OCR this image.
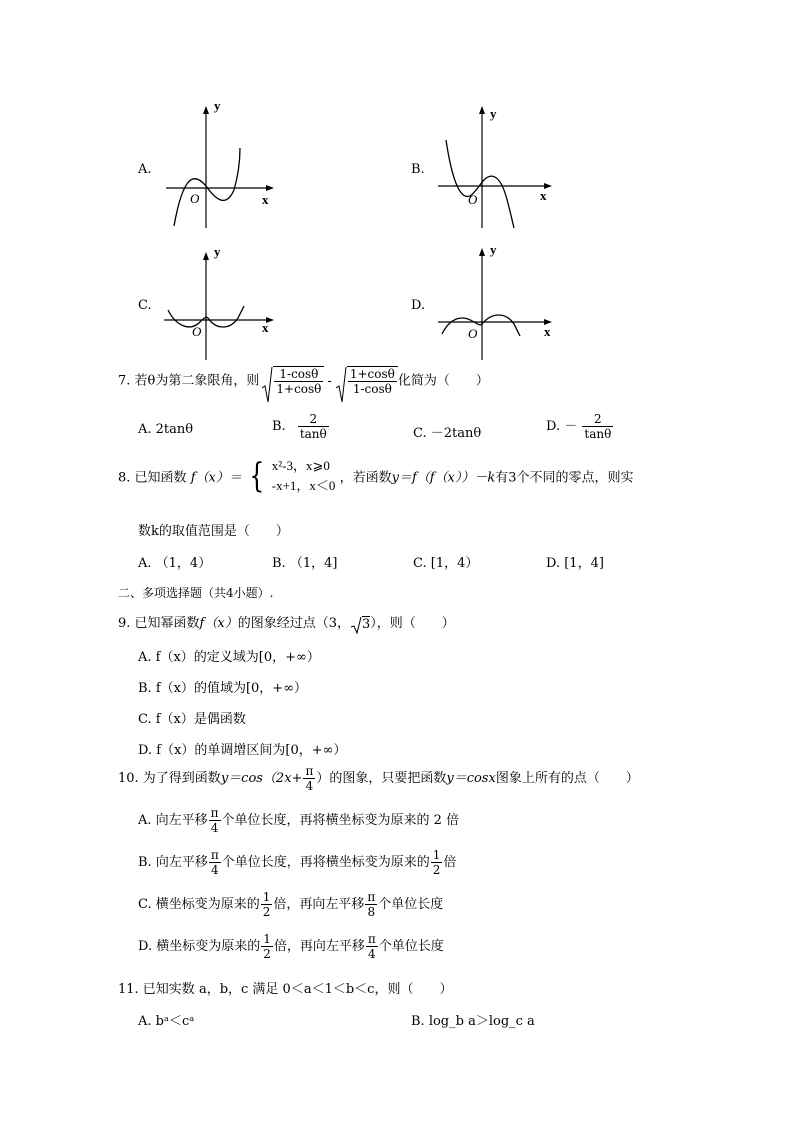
A.
y
x
O
B.
y
x
O
C.
y
x
O
D.
y
x
O
7. 若θ为第二象限角，则 $\frac{1-\cos\theta}{1+\cos\theta} - \frac{1+\cos\theta}{1-\cos\theta}$ 化简为（　　）
A. 2tanθ	B. $\frac{2}{\tan\theta}$	C. －2tanθ	D. － $\frac{2}{\tan\theta}$
8. 已知函数 f（x）＝ { x²-3，x⩾0
-x+1，x＜0 ，若函数y＝f（f（x））－k有3个不同的零点，则实
数k的取值范围是（　　）
A. （1，4）	B. （1，4]	C. [1，4）	D. [1，4]
二、多项选择题（共4小题）.
9. 已知幂函数f（x）的图象经过点（3， 3），则（　　）
A. f（x）的定义域为[0，+∞）
B. f（x）的值域为[0，+∞）
C. f（x）是偶函数
D. f（x）的单调增区间为[0，+∞）
10. 为了得到函数$y=\cos(2x+ \frac{\pi}{4}$ ）的图象，只要把函数y＝cosx图象上所有的点（　　）
A. 向左平移 $\frac{\pi}{4}$ 个单位长度，再将横坐标变为原来的 2 倍
B. 向左平移 $\frac{\pi}{4}$ 个单位长度，再将横坐标变为原来的 $\frac{1}{2}$ 倍
C. 横坐标变为原来的 $\frac{1}{2}$ 倍，再向左平移 $\frac{\pi}{8}$ 个单位长度
D. 横坐标变为原来的 $\frac{1}{2}$ 倍，再向左平移 $\frac{\pi}{4}$ 个单位长度
11. 已知实数 a，b，c 满足 0＜a＜1＜b＜c，则（　　）
A. bᵃ＜cᵃ	B. log_b a＞log_c a
